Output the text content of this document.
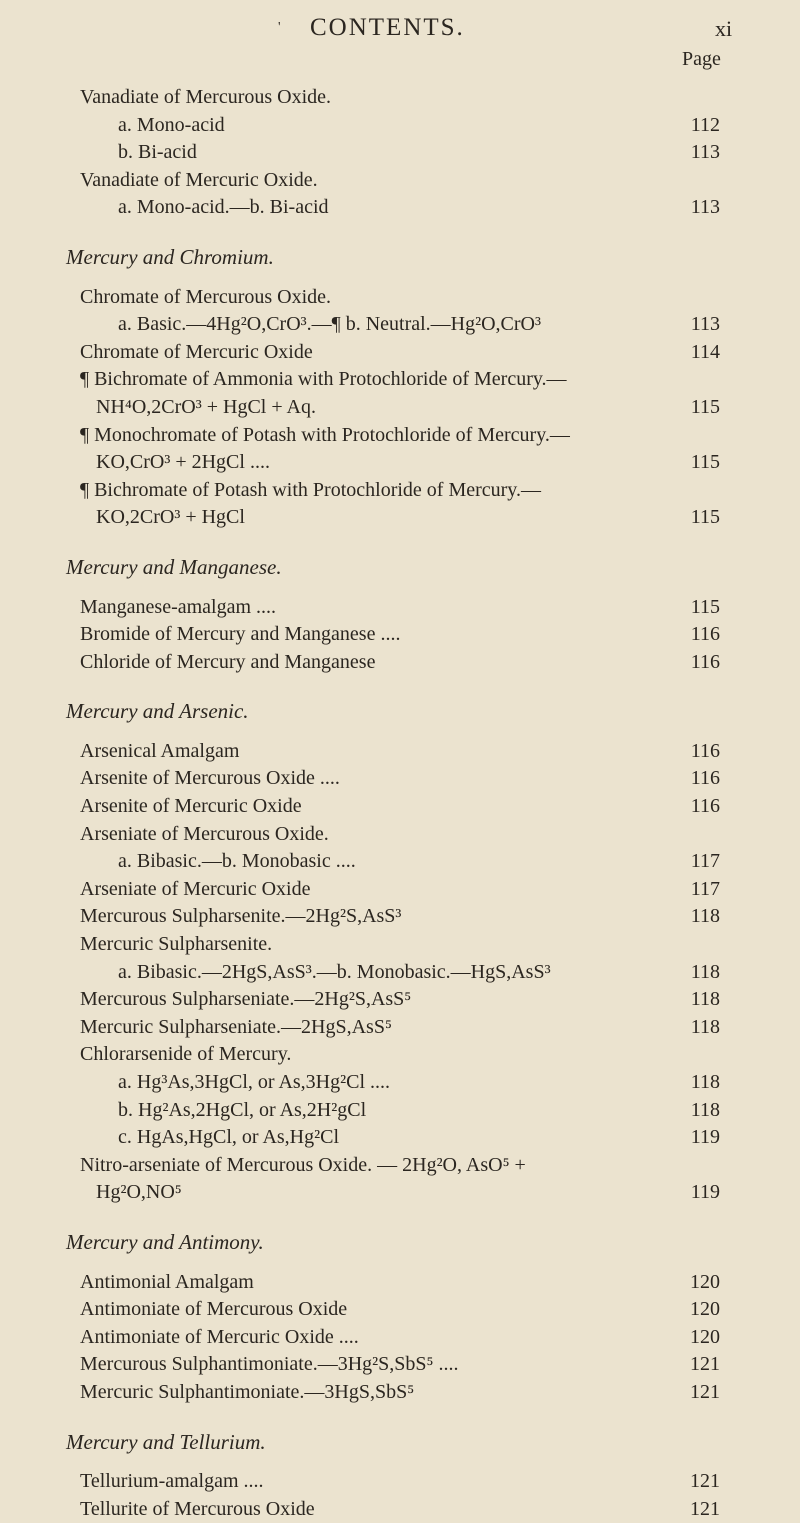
' CONTENTS.	xi
Page
Vanadiate of Mercurous Oxide.
a. Mono-acid	112
b. Bi-acid	113
Vanadiate of Mercuric Oxide.
a. Mono-acid.—b. Bi-acid	113
Mercury and Chromium.
Chromate of Mercurous Oxide.
a. Basic.—4Hg²O,CrO³.—¶ b. Neutral.—Hg²O,CrO³	113
Chromate of Mercuric Oxide	114
¶ Bichromate of Ammonia with Protochloride of Mercury.—
NH⁴O,2CrO³ + HgCl + Aq.	115
¶ Monochromate of Potash with Protochloride of Mercury.—
KO,CrO³ + 2HgCl ....	115
¶ Bichromate of Potash with Protochloride of Mercury.—
KO,2CrO³ + HgCl	115
Mercury and Manganese.
Manganese-amalgam ....	115
Bromide of Mercury and Manganese ....	116
Chloride of Mercury and Manganese	116
Mercury and Arsenic.
Arsenical Amalgam	116
Arsenite of Mercurous Oxide ....	116
Arsenite of Mercuric Oxide	116
Arseniate of Mercurous Oxide.
a. Bibasic.—b. Monobasic ....	117
Arseniate of Mercuric Oxide	117
Mercurous Sulpharsenite.—2Hg²S,AsS³	118
Mercuric Sulpharsenite.
a. Bibasic.—2HgS,AsS³.—b. Monobasic.—HgS,AsS³	118
Mercurous Sulpharseniate.—2Hg²S,AsS⁵	118
Mercuric Sulpharseniate.—2HgS,AsS⁵	118
Chlorarsenide of Mercury.
a. Hg³As,3HgCl, or As,3Hg²Cl ....	118
b. Hg²As,2HgCl, or As,2H²gCl	118
c. HgAs,HgCl, or As,Hg²Cl	119
Nitro-arseniate of Mercurous Oxide. — 2Hg²O, AsO⁵ +
Hg²O,NO⁵	119
Mercury and Antimony.
Antimonial Amalgam	120
Antimoniate of Mercurous Oxide	120
Antimoniate of Mercuric Oxide ....	120
Mercurous Sulphantimoniate.—3Hg²S,SbS⁵ ....	121
Mercuric Sulphantimoniate.—3HgS,SbS⁵	121
Mercury and Tellurium.
Tellurium-amalgam ....	121
Tellurite of Mercurous Oxide	121
